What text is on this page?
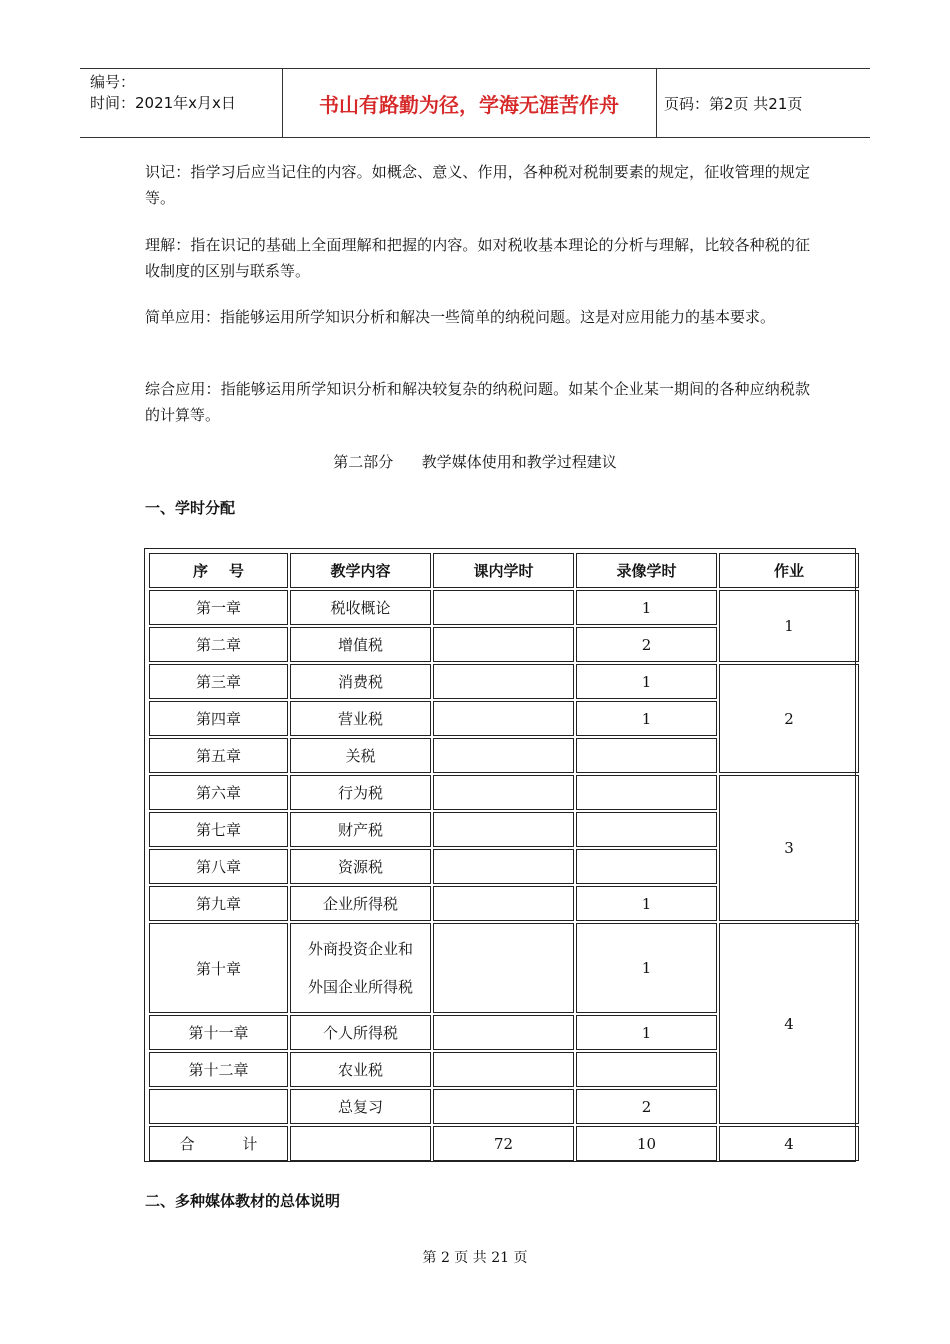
编号：
时间：2021年x月x日	书山有路勤为径，学海无涯苦作舟	页码：第2页 共21页
识记：指学习后应当记住的内容。如概念、意义、作用，各种税对税制要素的规定，征收管理的规定等。
理解：指在识记的基础上全面理解和把握的内容。如对税收基本理论的分析与理解，比较各种税的征收制度的区别与联系等。
简单应用：指能够运用所学知识分析和解决一些简单的纳税问题。这是对应用能力的基本要求。
综合应用：指能够运用所学知识分析和解决较复杂的纳税问题。如某个企业某一期间的各种应纳税款的计算等。
第二部分      教学媒体使用和教学过程建议
一、学时分配
序    号	教学内容	课内学时	录像学时	作业
第一章	税收概论		1	1
第二章	增值税		2	
第三章	消费税		1	2
第四章	营业税		1	
第五章	关税			
第六章	行为税			3
第七章	财产税			
第八章	资源税			
第九章	企业所得税		1	
第十章	外商投资企业和
外国企业所得税		1	4
第十一章	个人所得税		1	
第十二章	农业税			
	总复习		2	
合          计		72	10	4
二、多种媒体教材的总体说明
第 2 页 共 21 页
